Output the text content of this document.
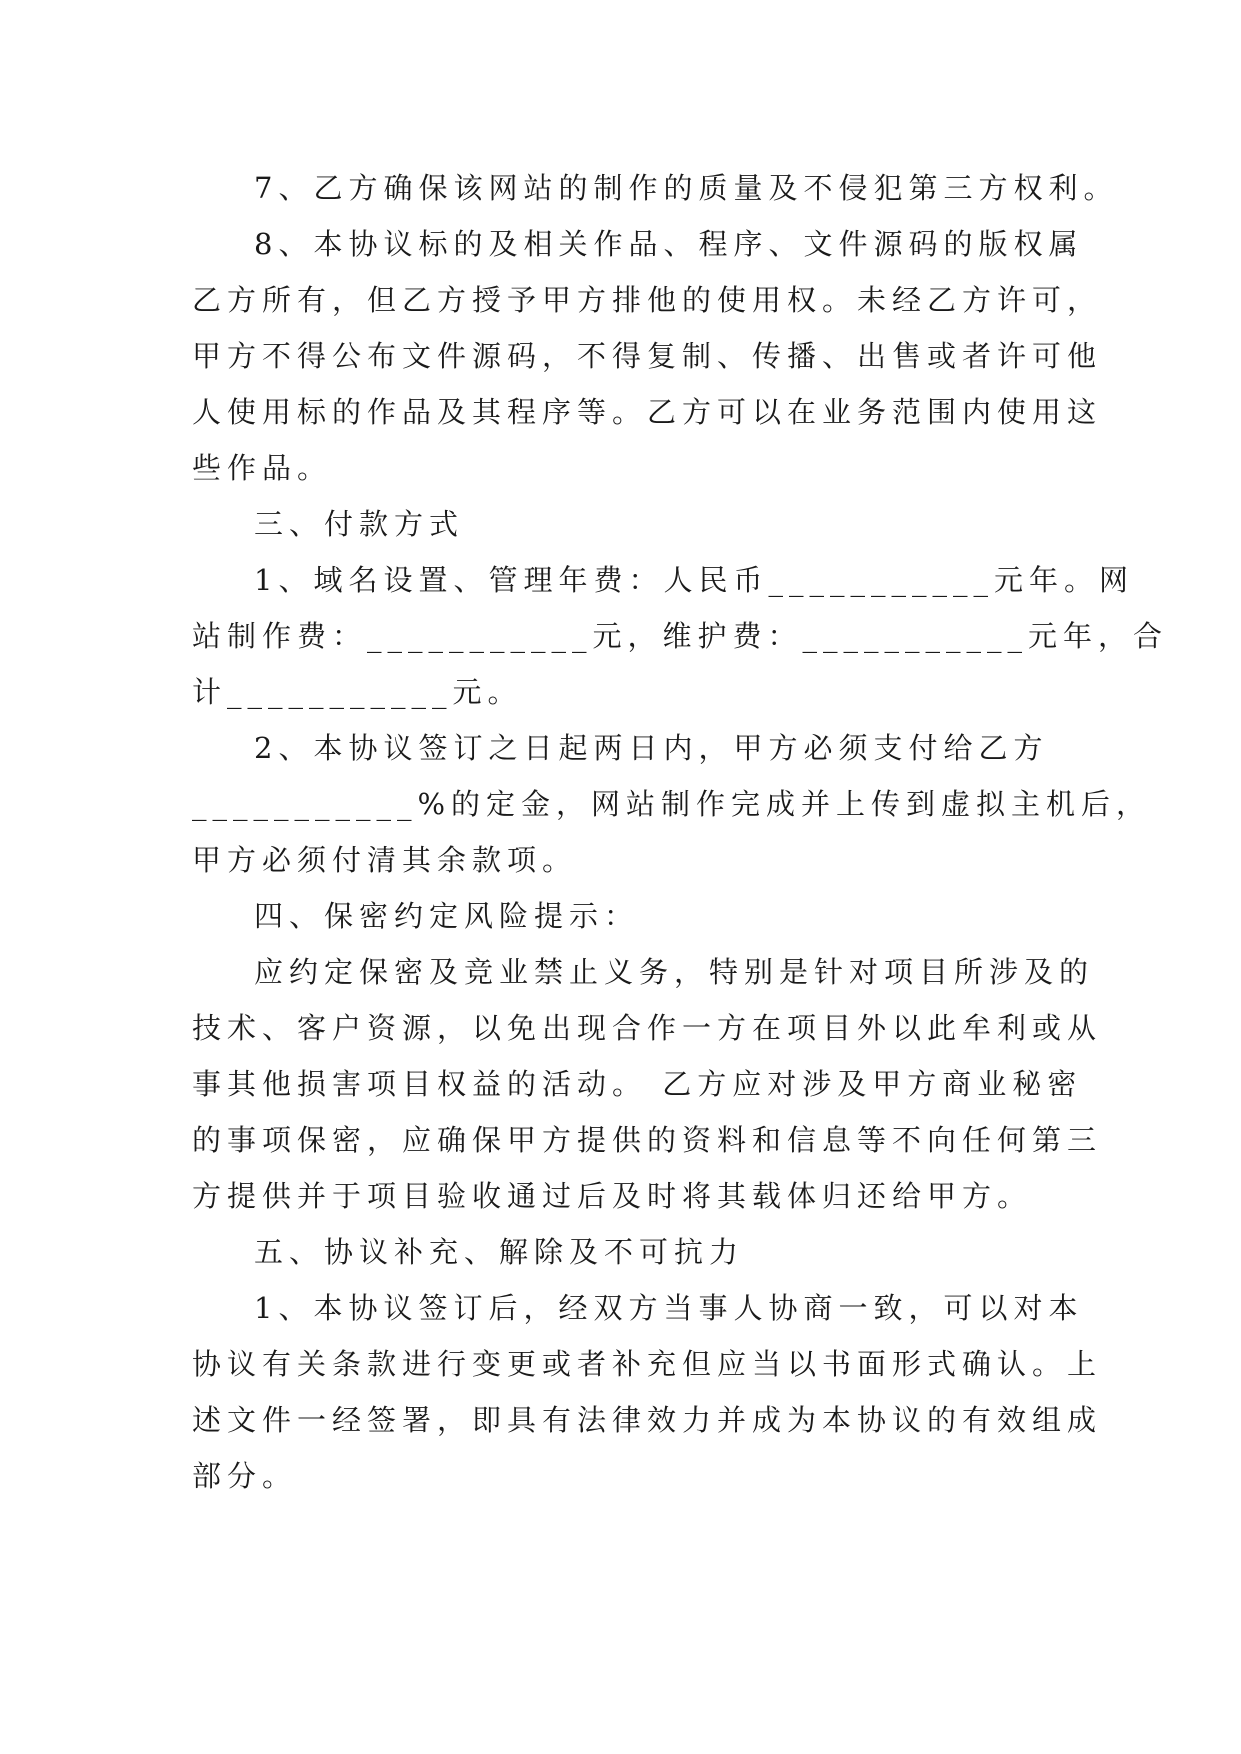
7、乙方确保该网站的制作的质量及不侵犯第三方权利。

8、本协议标的及相关作品、程序、文件源码的版权属

乙方所有，但乙方授予甲方排他的使用权。未经乙方许可，

甲方不得公布文件源码，不得复制、传播、出售或者许可他

人使用标的作品及其程序等。乙方可以在业务范围内使用这

些作品。

三、付款方式

1、域名设置、管理年费：人民币___________元年。网

站制作费：___________元，维护费：___________元年，合

计___________元。

2、本协议签订之日起两日内，甲方必须支付给乙方

___________%的定金，网站制作完成并上传到虚拟主机后，

甲方必须付清其余款项。

四、保密约定风险提示：

应约定保密及竞业禁止义务，特别是针对项目所涉及的

技术、客户资源，以免出现合作一方在项目外以此牟利或从

事其他损害项目权益的活动。 乙方应对涉及甲方商业秘密

的事项保密，应确保甲方提供的资料和信息等不向任何第三

方提供并于项目验收通过后及时将其载体归还给甲方。

五、协议补充、解除及不可抗力

1、本协议签订后，经双方当事人协商一致，可以对本

协议有关条款进行变更或者补充但应当以书面形式确认。上

述文件一经签署，即具有法律效力并成为本协议的有效组成

部分。
